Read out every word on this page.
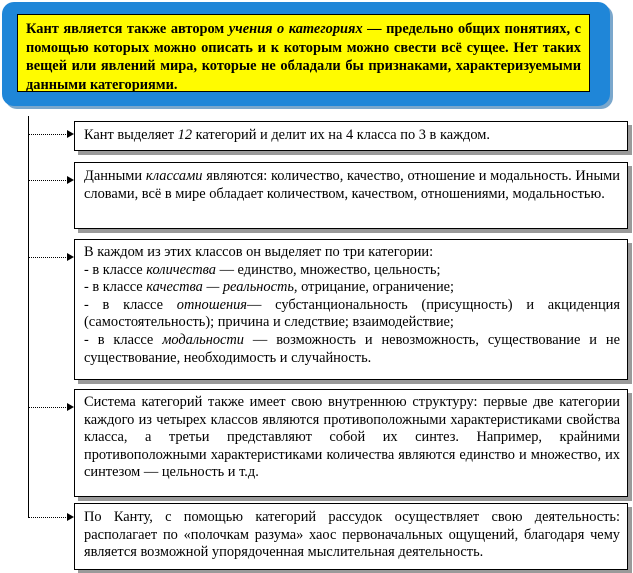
Кант является также автором учения о категориях — предельно общих понятиях, с помощью которых можно описать и к которым можно свести всё сущее. Нет таких вещей или явлений мира, которые не обладали бы признаками, характеризуемыми данными категориями.
Кант выделяет 12 категорий и делит их на 4 класса по 3 в каждом.
Данными классами являются: количество, качество, отношение и модальность. Иными словами, всё в мире обладает количеством, качеством, отношениями, модальностью.
В каждом из этих классов он выделяет по три категории:
- в классе количества — единство, множество, цельность;
- в классе качества — реальность, отрицание, ограничение;
- в классе отношения— субстанциональность (присущность) и акциденция (самостоятельность); причина и следствие; взаимодействие;
- в классе модальности — возможность и невозможность, существование и не существование, необходимость и случайность.
Система категорий также имеет свою внутреннюю структуру: первые две категории каждого из четырех классов являются противоположными характеристиками свойства класса, а третьи представляют собой их синтез. Например, крайними противоположными характеристиками количества являются единство и множество, их синтезом — цельность и т.д.
По Канту, с помощью категорий рассудок осуществляет свою деятельность: располагает по «полочкам разума» хаос первоначальных ощущений, благодаря чему является возможной упорядоченная мыслительная деятельность.
